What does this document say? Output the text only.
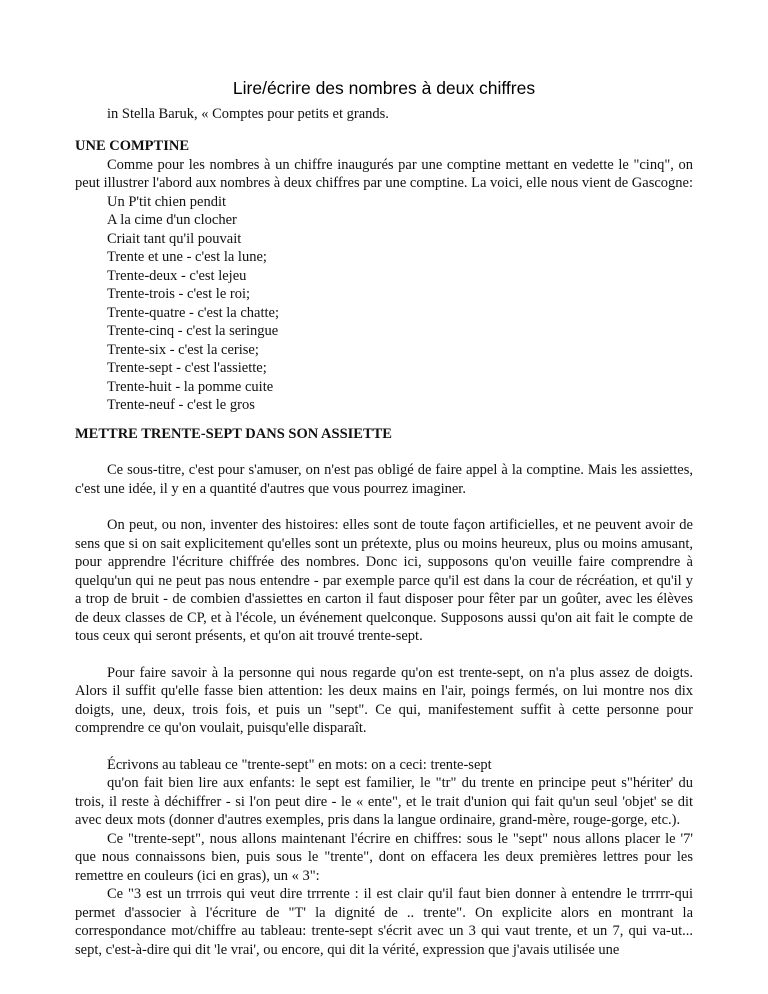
Lire/écrire des nombres à deux chiffres
in Stella Baruk, « Comptes pour petits et grands.
UNE COMPTINE

Comme pour les nombres à un chiffre inaugurés par une comptine mettant en vedette le "cinq", on peut illustrer l'abord aux nombres à deux chiffres par une comptine. La voici, elle nous vient de Gascogne:

Un P'tit chien pendit
A la cime d'un clocher
Criait tant qu'il pouvait
Trente et une - c'est la lune;
Trente-deux - c'est lejeu
Trente-trois - c'est le roi;
Trente-quatre - c'est la chatte;
Trente-cinq - c'est la seringue
Trente-six - c'est la cerise;
Trente-sept - c'est l'assiette;
Trente-huit - la pomme cuite
Trente-neuf - c'est le gros
METTRE TRENTE-SEPT DANS SON ASSIETTE

Ce sous-titre, c'est pour s'amuser, on n'est pas obligé de faire appel à la comptine. Mais les assiettes, c'est une idée, il y en a quantité d'autres que vous pourrez imaginer.

On peut, ou non, inventer des histoires: elles sont de toute façon artificielles, et ne peuvent avoir de sens que si on sait explicitement qu'elles sont un prétexte, plus ou moins heureux, plus ou moins amusant, pour apprendre l'écriture chiffrée des nombres. Donc ici, supposons qu'on veuille faire comprendre à quelqu'un qui ne peut pas nous entendre - par exemple parce qu'il est dans la cour de récréation, et qu'il y a trop de bruit - de combien d'assiettes en carton il faut disposer pour fêter par un goûter, avec les élèves de deux classes de CP, et à l'école, un événement quelconque. Supposons aussi qu'on ait fait le compte de tous ceux qui seront présents, et qu'on ait trouvé trente-sept.

Pour faire savoir à la personne qui nous regarde qu'on est trente-sept, on n'a plus assez de doigts. Alors il suffit qu'elle fasse bien attention: les deux mains en l'air, poings fermés, on lui montre nos dix doigts, une, deux, trois fois, et puis un "sept". Ce qui, manifestement suffit à cette personne pour comprendre ce qu'on voulait, puisqu'elle disparaît.

Écrivons au tableau ce "trente-sept" en mots: on a ceci: trente-sept

qu'on fait bien lire aux enfants: le sept est familier, le "tr" du trente en principe peut s"hériter' du trois, il reste à déchiffrer - si l'on peut dire - le « ente", et le trait d'union qui fait qu'un seul 'objet' se dit avec deux mots (donner d'autres exemples, pris dans la langue ordinaire, grand-mère, rouge-gorge, etc.).

Ce "trente-sept", nous allons maintenant l'écrire en chiffres: sous le "sept" nous allons placer le '7' que nous connaissons bien, puis sous le "trente", dont on effacera les deux premières lettres pour les remettre en couleurs (ici en gras), un « 3":

Ce "3 est un trrrois qui veut dire trrrente : il est clair qu'il faut bien donner à entendre le trrrrr-qui permet d'associer à l'écriture de "T' la dignité de .. trente". On explicite alors en montrant la correspondance mot/chiffre au tableau: trente-sept s'écrit avec un 3 qui vaut trente, et un 7, qui va-ut... sept, c'est-à-dire qui dit 'le vrai', ou encore, qui dit la vérité, expression que j'avais utilisée une
